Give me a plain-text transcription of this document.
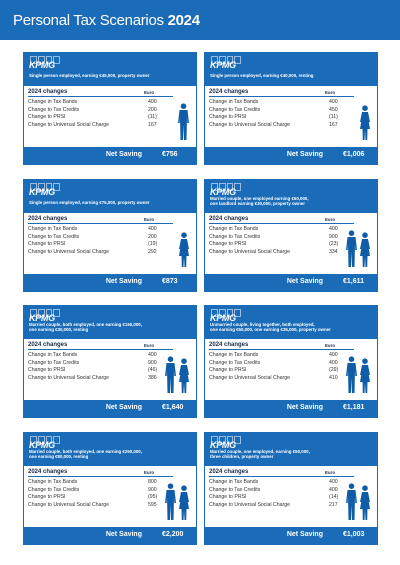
Personal Tax Scenarios 2024
KPMG
Single person employed, earning €45,000, property owner
2024 changes	Euro
Change in Tax Bands	400
Change to Tax Credits	200
Change to PRSI	(11)
Change to Universal Social Charge	167
Net Saving	€756
KPMG
Single person employed, earning €40,000, renting
2024 changes	Euro
Change in Tax Bands	400
Change to Tax Credits	450
Change to PRSI	(11)
Change to Universal Social Charge	167
Net Saving	€1,006
KPMG
Single person employed, earning €75,000, property owner
2024 changes	Euro
Change in Tax Bands	400
Change to Tax Credits	200
Change to PRSI	(19)
Change to Universal Social Charge	292
Net Saving	€873
KPMG
Married couple, one employed earning €60,000,
one landlord earning €30,000, property owner
2024 changes	Euro
Change in Tax Bands	400
Change to Tax Credits	900
Change to PRSI	(23)
Change to Universal Social Charge	334
Net Saving	€1,611
KPMG
Married couple, both employed, one earning €150,000,
one earning €30,000, renting
2024 changes	Euro
Change in Tax Bands	400
Change to Tax Credits	900
Change to PRSI	(46)
Change to Universal Social Charge	386
Net Saving	€1,640
KPMG
Unmarried couple, living together, both employed,
one earning €50,000, one earning €35,000, property owner
2024 changes	Euro
Change in Tax Bands	400
Change to Tax Credits	400
Change to PRSI	(29)
Change to Universal Social Charge	410
Net Saving	€1,181
KPMG
Married couple, both employed, one earning €250,000,
one earning €80,000, renting
2024 changes	Euro
Change in Tax Bands	800
Change to Tax Credits	900
Change to PRSI	(95)
Change to Universal Social Charge	595
Net Saving	€2,200
KPMG
Married couple, one employed, earning €50,000,
three children, property owner
2024 changes	Euro
Change in Tax Bands	400
Change to Tax Credits	400
Change to PRSI	(14)
Change to Universal Social Charge	217
Net Saving	€1,003
